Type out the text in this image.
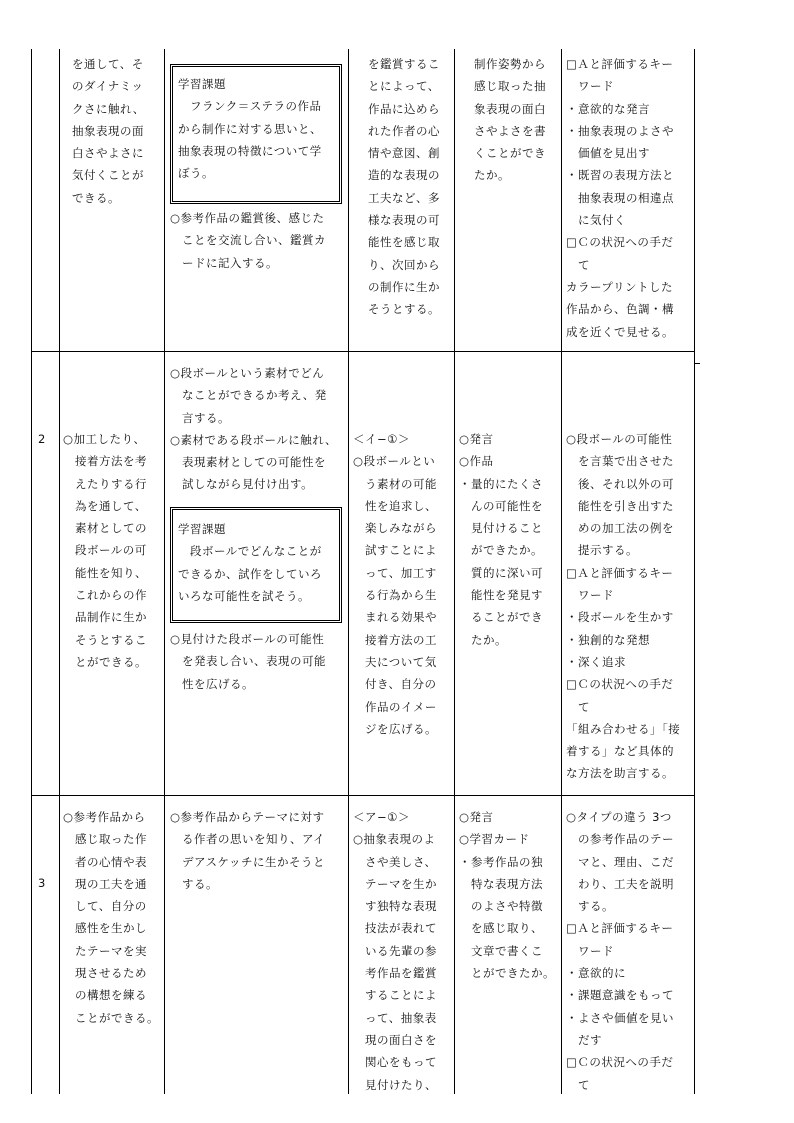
を通して、そ
のダイナミッ
クさに触れ、
抽象表現の面
白さやよさに
気付くことが
できる。
学習課題
　フランク＝ステラの作品
から制作に対する思いと、
抽象表現の特徴について学
ぼう。
○参考作品の鑑賞後、感じた
ことを交流し合い、鑑賞カ
ードに記入する。
を鑑賞するこ
とによって、
作品に込めら
れた作者の心
情や意図、創
造的な表現の
工夫など、多
様な表現の可
能性を感じ取
り、次回から
の制作に生か
そうとする。
制作姿勢から
感じ取った抽
象表現の面白
さやよさを書
くことができ
たか。
□Ａと評価するキー
ワード
・意欲的な発言
・抽象表現のよさや
価値を見出す
・既習の表現方法と
抽象表現の相違点
に気付く
□Ｃの状況への手だ
て
カラープリントした
作品から、色調・構
成を近くで見せる。
2 ○加工したり、
　接着方法を考
　えたりする行
　為を通して、
　素材としての
　段ボールの可
　能性を知り、
　これからの作
　品制作に生か
　そうとするこ
　とができる。
○段ボールという素材でどん
なことができるか考え、発
言する。
○素材である段ボールに触れ、
表現素材としての可能性を
試しながら見付け出す。
学習課題
　段ボールでどんなことが
できるか、試作をしていろ
いろな可能性を試そう。
○見付けた段ボールの可能性
を発表し合い、表現の可能
性を広げる。
＜イ−①＞
○段ボールとい
　う素材の可能
　性を追求し、
　楽しみながら
　試すことによ
　って、加工す
　る行為から生
　まれる効果や
　接着方法の工
　夫について気
　付き、自分の
　作品のイメー
　ジを広げる。
○発言
○作品
・量的にたくさ
　んの可能性を
　見付けること
　ができたか。
　質的に深い可
　能性を発見す
　ることができ
　たか。
○段ボールの可能性
を言葉で出させた
後、それ以外の可
能性を引き出すた
めの加工法の例を
提示する。
□Ａと評価するキー
ワード
・段ボールを生かす
・独創的な発想
・深く追求
□Ｃの状況への手だ
て
「組み合わせる」「接
着する」など具体的
な方法を助言する。
3
○参考作品から
　感じ取った作
　者の心情や表
　現の工夫を通
　して、自分の
　感性を生かし
　たテーマを実
　現させるため
　の構想を練る
　ことができる。
○参考作品からテーマに対す
る作者の思いを知り、アイ
デアスケッチに生かそうと
する。
＜ア−①＞
○抽象表現のよ
　さや美しさ、
　テーマを生か
　す独特な表現
　技法が表れて
　いる先輩の参
　考作品を鑑賞
　することによ
　って、抽象表
　現の面白さを
　関心をもって
　見付けたり、
○発言
○学習カード
・参考作品の独
　特な表現方法
　のよさや特徴
　を感じ取り、
　文章で書くこ
　とができたか。
○タイプの違う 3つ
の参考作品のテー
マと、理由、こだ
わり、工夫を説明
する。
□Ａと評価するキー
ワード
・意欲的に
・課題意識をもって
・よさや価値を見い
だす
□Ｃの状況への手だ
て
